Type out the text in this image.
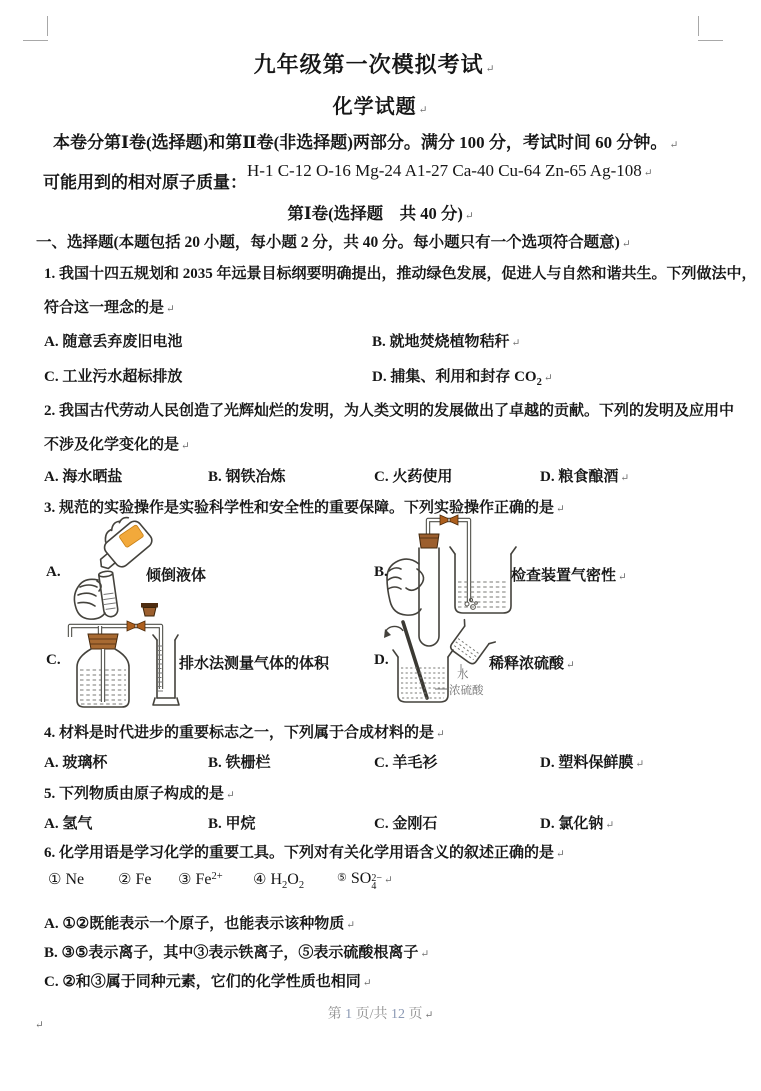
九年级第一次模拟考试 ↵
化学试题 ↵
本卷分第Ⅰ卷(选择题)和第Ⅱ卷(非选择题)两部分。满分 100 分，考试时间 60 分钟。 ↵
可能用到的相对原子质量：
H-1 C-12 O-16 Mg-24 A1-27 Ca-40 Cu-64 Zn-65 Ag-108 ↵
第Ⅰ卷(选择题　共 40 分) ↵
一、选择题(本题包括 20 小题，每小题 2 分，共 40 分。每小题只有一个选项符合题意) ↵
1. 我国十四五规划和 2035 年远景目标纲要明确提出，推动绿色发展，促进人与自然和谐共生。下列做法中，
符合这一理念的是 ↵
A. 随意丢弃废旧电池	B. 就地焚烧植物秸秆 ↵
C. 工业污水超标排放	D. 捕集、利用和封存 $CO_2$ ↵
2. 我国古代劳动人民创造了光辉灿烂的发明，为人类文明的发展做出了卓越的贡献。下列的发明及应用中
不涉及化学变化的是 ↵
A. 海水晒盐	B. 钢铁冶炼	C. 火药使用	D. 粮食酿酒 ↵
3. 规范的实验操作是实验科学性和安全性的重要保障。下列实验操作正确的是 ↵
A.	倾倒液体	B.	检查装置气密性 ↵
C.	排水法测量气体的体积
水
浓硫酸
D.	稀释浓硫酸 ↵
4. 材料是时代进步的重要标志之一，下列属于合成材料的是 ↵
A. 玻璃杯	B. 铁栅栏	C. 羊毛衫	D. 塑料保鲜膜 ↵
5. 下列物质由原子构成的是 ↵
A. 氢气	B. 甲烷	C. 金刚石	D. 氯化钠 ↵
6. 化学用语是学习化学的重要工具。下列对有关化学用语含义的叙述正确的是 ↵
① Ne ② Fe ③ $Fe^{2+}$ ④ $H_2O_2$
⑤ SO 2−
4
↵
A. ①②既能表示一个原子，也能表示该种物质 ↵
B. ③⑤表示离子，其中③表示铁离子，⑤表示硫酸根离子 ↵
C. ②和③属于同种元素，它们的化学性质也相同 ↵
第 1 页/共 12 页 ↵
↵
